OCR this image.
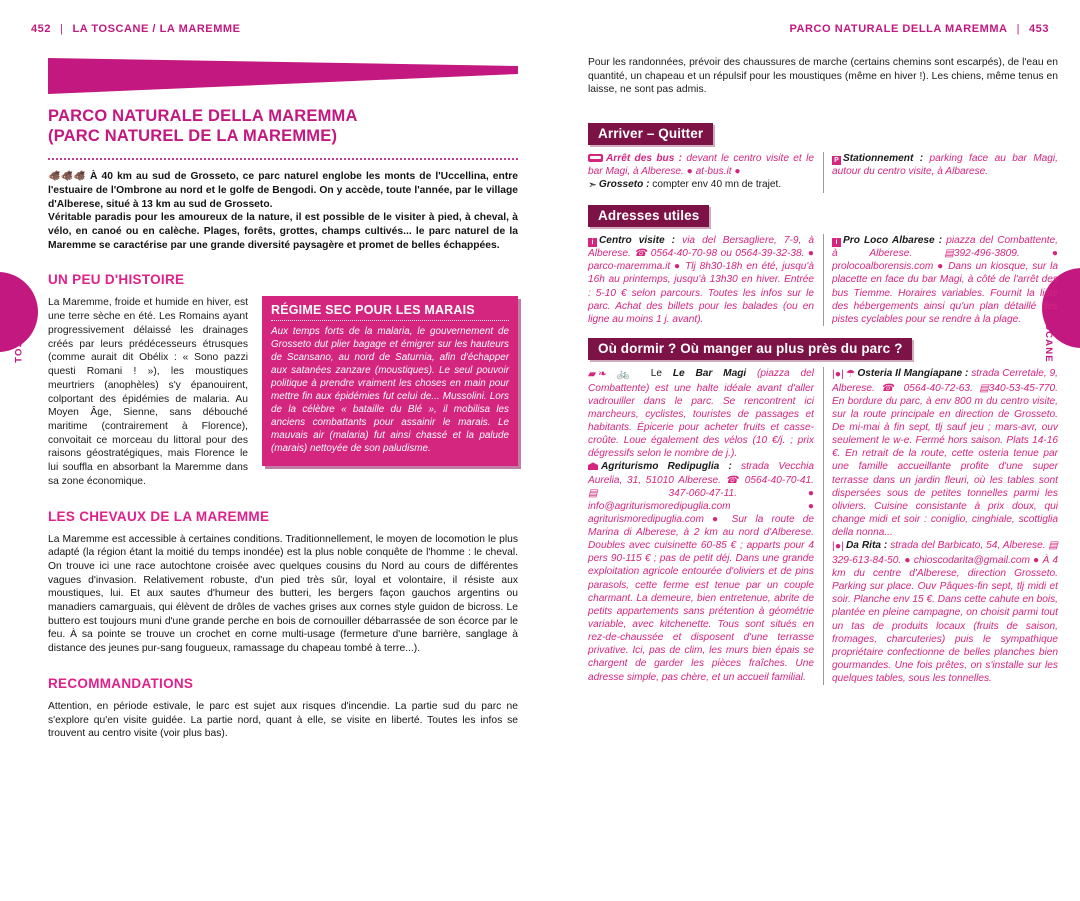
TOSCANE	TOSCANE
452 | LA TOSCANE / LA MAREMME	PARCO NATURALE DELLA MAREMMA | 453
PARCO NATURALE DELLA MAREMMA
(PARC NATUREL DE LA MAREMME)

🐗🐗🐗 À 40 km au sud de Grosseto, ce parc naturel englobe les monts de l'Uccellina, entre l'estuaire de l'Ombrone au nord et le golfe de Bengodi. On y accède, toute l'année, par le village d'Alberese, situé à 13 km au sud de Grosseto.

Véritable paradis pour les amoureux de la nature, il est possible de le visiter à pied, à cheval, à vélo, en canoé ou en calèche. Plages, forêts, grottes, champs cultivés... le parc naturel de la Maremme se caractérise par une grande diversité paysagère et promet de belles échappées.

UN PEU D'HISTOIRE

La Maremme, froide et humide en hiver, est une terre sèche en été. Les Romains ayant progressivement délaissé les drainages créés par leurs prédécesseurs étrusques (comme aurait dit Obélix : « Sono pazzi questi Romani ! »), les moustiques meurtriers (anophèles) s'y épanouirent, colportant des épidémies de malaria. Au Moyen Âge, Sienne, sans débouché maritime (contrairement à Florence), convoitait ce morceau du littoral pour des raisons géostratégiques, mais Florence le lui souffla en absorbant la Maremme dans sa zone économique.

RÉGIME SEC POUR LES MARAIS

Aux temps forts de la malaria, le gouvernement de Grosseto dut plier bagage et émigrer sur les hauteurs de Scansano, au nord de Saturnia, afin d'échapper aux satanées zanzare (moustiques). Le seul pouvoir politique à prendre vraiment les choses en main pour mettre fin aux épidémies fut celui de... Mussolini. Lors de la célèbre « bataille du Blé », il mobilisa les anciens combattants pour assainir le marais. Le mauvais air (malaria) fut ainsi chassé et la palude (marais) nettoyée de son paludisme.

LES CHEVAUX DE LA MAREMME

La Maremme est accessible à certaines conditions. Traditionnellement, le moyen de locomotion le plus adapté (la région étant la moitié du temps inondée) est la plus noble conquête de l'homme : le cheval. On trouve ici une race autochtone croisée avec quelques cousins du Nord au cours de différentes vagues d'invasion. Relativement robuste, d'un pied très sûr, loyal et volontaire, il résiste aux moustiques, lui. Et aux sautes d'humeur des butteri, les bergers façon gauchos argentins ou manadiers camarguais, qui élèvent de drôles de vaches grises aux cornes style guidon de bicross. Le buttero est toujours muni d'une grande perche en bois de cornouiller débarrassée de son écorce par le feu. À sa pointe se trouve un crochet en corne multi-usage (fermeture d'une barrière, sanglage à distance des jeunes pur-sang fougueux, ramassage du chapeau tombé à terre...).

RECOMMANDATIONS

Attention, en période estivale, le parc est sujet aux risques d'incendie. La partie sud du parc ne s'explore qu'en visite guidée. La partie nord, quant à elle, se visite en liberté. Toutes les infos se trouvent au centro visite (voir plus bas).

Pour les randonnées, prévoir des chaussures de marche (certains chemins sont escarpés), de l'eau en quantité, un chapeau et un répulsif pour les moustiques (même en hiver !). Les chiens, même tenus en laisse, ne sont pas admis.

Arriver – Quitter

Arrêt des bus : devant le centro visite et le bar Magi, à Alberese. ● at-bus.it ●

➣ Grosseto : compter env 40 mn de trajet.

P Stationnement : parking face au bar Magi, autour du centro visite, à Albarese.

Adresses utiles

i Centro visite : via del Bersagliere, 7-9, à Alberese. ☎ 0564-40-70-98 ou 0564-39-32-38. ● parco-maremma.it ● Tlj 8h30-18h en été, jusqu'à 16h au printemps, jusqu'à 13h30 en hiver. Entrée : 5-10 € selon parcours. Toutes les infos sur le parc. Achat des billets pour les balades (ou en ligne au moins 1 j. avant).

i Pro Loco Albarese : piazza del Combattente, à Alberese. ▤392-496-3809. ● prolocoalborensis.com ● Dans un kiosque, sur la placette en face du bar Magi, à côté de l'arrêt des bus Tiemme. Horaires variables. Fournit la liste des hébergements ainsi qu'un plan détaillé des pistes cyclables pour se rendre à la plage.

Où dormir ? Où manger au plus près du parc ?

▰ ❧ 🚲 Le Le Bar Magi (piazza del Combattente) est une halte idéale avant d'aller vadrouiller dans le parc. Se rencontrent ici marcheurs, cyclistes, touristes de passages et habitants. Épicerie pour acheter fruits et casse-croûte. Loue également des vélos (10 €/j. ; prix dégressifs selon le nombre de j.).

Agriturismo Redipuglia : strada Vecchia Aurelia, 31, 51010 Alberese. ☎ 0564-40-70-41. ▤ 347-060-47-11. ● info@agriturismoredipuglia.com ● agriturismoredipuglia.com ● Sur la route de Marina di Alberese, à 2 km au nord d'Alberese. Doubles avec cuisinette 60-85 € ; apparts pour 4 pers 90-115 € ; pas de petit déj. Dans une grande exploitation agricole entourée d'oliviers et de pins parasols, cette ferme est tenue par un couple charmant. La demeure, bien entretenue, abrite de petits appartements sans prétention à géométrie variable, avec kitchenette. Tous sont situés en rez-de-chaussée et disposent d'une terrasse privative. Ici, pas de clim, les murs bien épais se chargent de garder les pièces fraîches. Une adresse simple, pas chère, et un accueil familial.

|●| ☂ Osteria Il Mangiapane : strada Cerretale, 9, Alberese. ☎ 0564-40-72-63. ▤340-53-45-770. En bordure du parc, à env 800 m du centro visite, sur la route principale en direction de Grosseto. De mi-mai à fin sept, tlj sauf jeu ; mars-avr, ouv seulement le w-e. Fermé hors saison. Plats 14-16 €. En retrait de la route, cette osteria tenue par une famille accueillante profite d'une super terrasse dans un jardin fleuri, où les tables sont dispersées sous de petites tonnelles parmi les oliviers. Cuisine consistante à prix doux, qui change midi et soir : coniglio, cinghiale, scottiglia della nonna...

|●| Da Rita : strada del Barbicato, 54, Alberese. ▤ 329-613-84-50. ● chioscodarita@gmail.com ● À 4 km du centre d'Alberese, direction Grosseto. Parking sur place. Ouv Pâques-fin sept, tlj midi et soir. Planche env 15 €. Dans cette cahute en bois, plantée en pleine campagne, on choisit parmi tout un tas de produits locaux (fruits de saison, fromages, charcuteries) puis le sympathique propriétaire confectionne de belles planches bien gourmandes. Une fois prêtes, on s'installe sur les quelques tables, sous les tonnelles.
